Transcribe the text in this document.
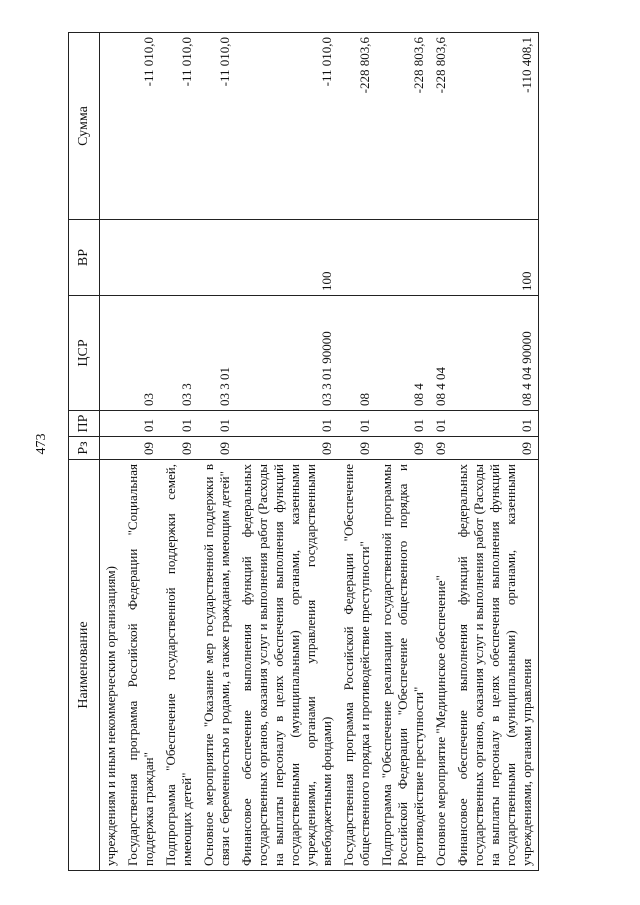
473
Наименование	Рз	ПР	ЦСР	ВР	Сумма
учреждениям и иным некоммерческим организациям)					
Государственная программа Российской Федерации "Социальная поддержка граждан"	09	01	03		-11 010,0
Подпрограмма "Обеспечение государственной поддержки семей, имеющих детей"	09	01	03 3		-11 010,0
Основное мероприятие "Оказание мер государственной поддержки в связи с беременностью и родами, а также гражданам, имеющим детей"	09	01	03 3 01		-11 010,0
Финансовое обеспечение выполнения функций федеральных государственных органов, оказания услуг и выполнения работ (Расходы на выплаты персоналу в целях обеспечения выполнения функций государственными (муниципальными) органами, казенными учреждениями, органами управления государственными внебюджетными фондами)	09	01	03 3 01 90000	100	-11 010,0
Государственная программа Российской Федерации "Обеспечение общественного порядка и противодействие преступности"	09	01	08		-228 803,6
Подпрограмма "Обеспечение реализации государственной программы Российской Федерации "Обеспечение общественного порядка и противодействие преступности"	09	01	08 4		-228 803,6
Основное мероприятие "Медицинское обеспечение"	09	01	08 4 04		-228 803,6
Финансовое обеспечение выполнения функций федеральных государственных органов, оказания услуг и выполнения работ (Расходы на выплаты персоналу в целях обеспечения выполнения функций государственными (муниципальными) органами, казенными учреждениями, органами управления	09	01	08 4 04 90000	100	-110 408,1
